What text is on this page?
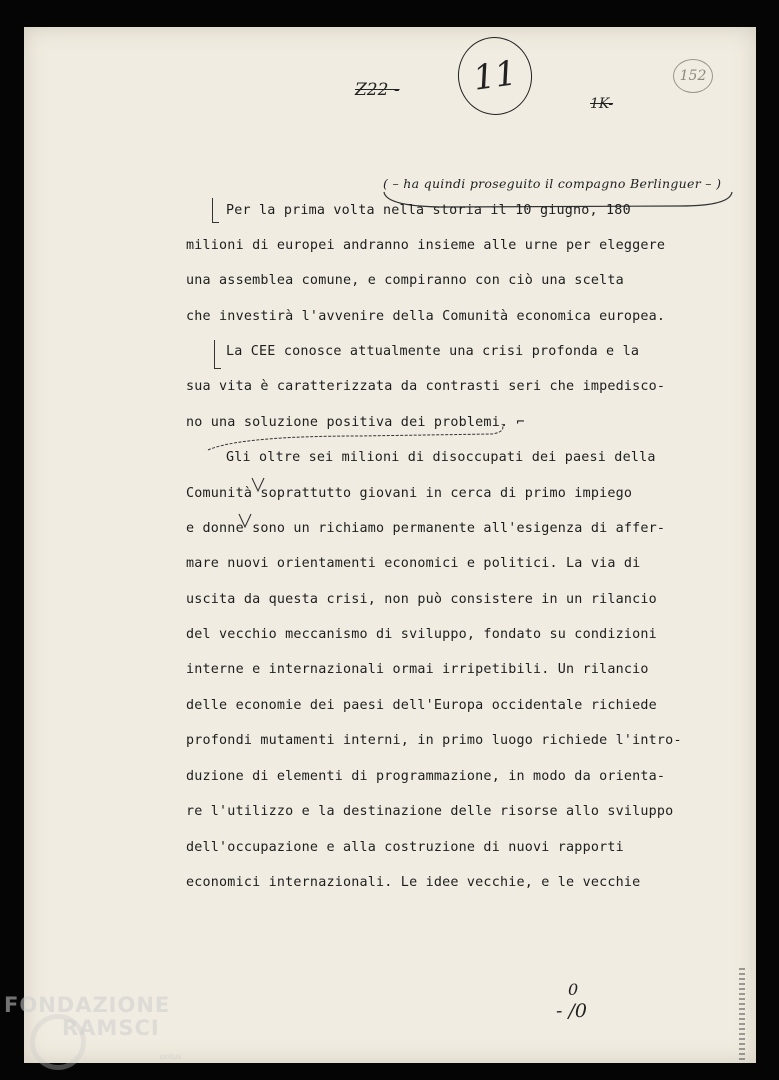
Z22 - 11
1K-
152
( – ha quindi proseguito il compagno Berlinguer – )
Per la prima volta nella storia il 10 giugno, 180
milioni di europei andranno insieme alle urne per eleggere
una assemblea comune, e compiranno con ciò una scelta
che investirà l'avvenire della Comunità economica europea.
La CEE conosce attualmente una crisi profonda e la
sua vita è caratterizzata da contrasti seri che impedisco-
no una soluzione positiva dei problemi. ⌐
Gli oltre sei milioni di disoccupati dei paesi della
Comunità soprattutto giovani in cerca di primo impiego
e donne sono un richiamo permanente all'esigenza di affer-
mare nuovi orientamenti economici e politici. La via di
uscita da questa crisi, non può consistere in un rilancio
del vecchio meccanismo di sviluppo, fondato su condizioni
interne e internazionali ormai irripetibili. Un rilancio
delle economie dei paesi dell'Europa occidentale richiede
profondi mutamenti interni, in primo luogo richiede l'intro-
duzione di elementi di programmazione, in modo da orienta-
re l'utilizzo e la destinazione delle risorse allo sviluppo
dell'occupazione e alla costruzione di nuovi rapporti
economici internazionali. Le idee vecchie, e le vecchie
0
- /0
FONDAZIONE
RAMSCI
onlus
